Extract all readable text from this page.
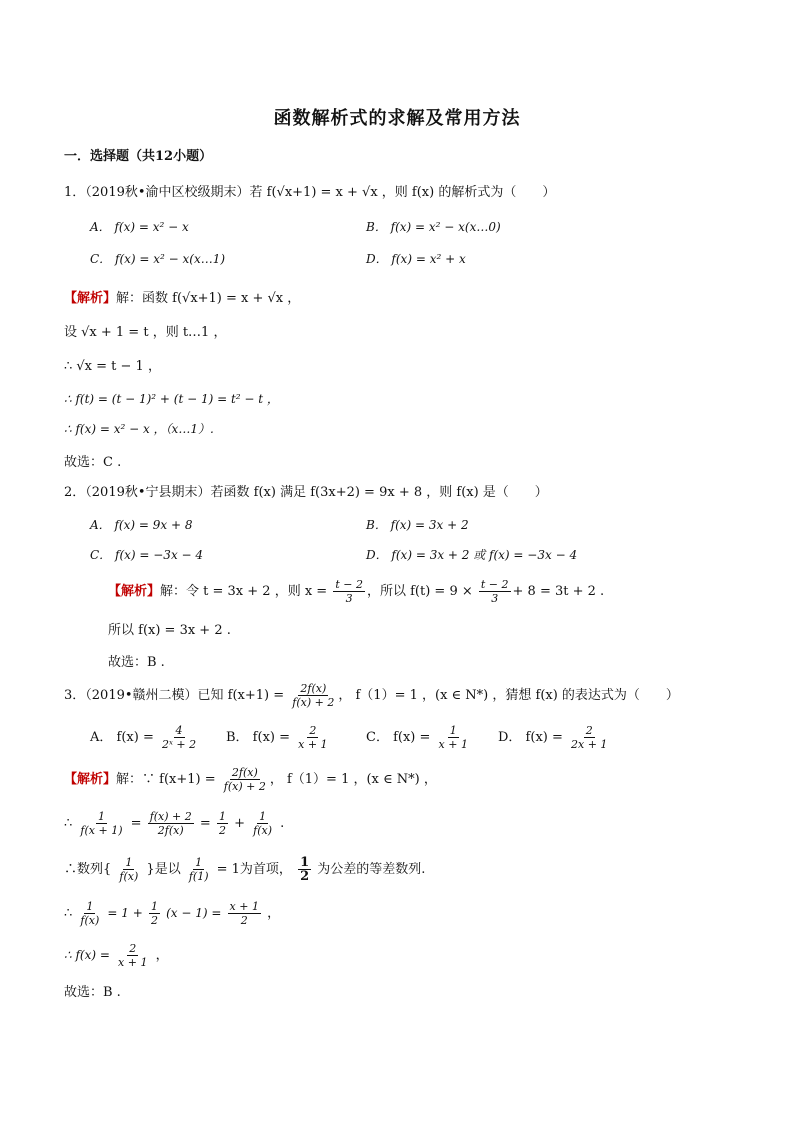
函数解析式的求解及常用方法
一．选择题（共12小题）
1．（2019秋•渝中区校级期末）若 f(√x+1) = x + √x ，则 f(x) 的解析式为（　　）
A． f(x) = x² − x	B． f(x) = x² − x(x…0)
C． f(x) = x² − x(x…1)	D． f(x) = x² + x
【解析】解：函数 f(√x+1) = x + √x ，
设 √x + 1 = t ，则 t…1 ，
∴ √x = t − 1 ，
∴ f(t) = (t − 1)² + (t − 1) = t² − t ，
∴ f(x) = x² − x ，（x…1）.
故选：C .
2．（2019秋•宁县期末）若函数 f(x) 满足 f(3x+2) = 9x + 8 ，则 f(x) 是（　　）
A． f(x) = 9x + 8	B． f(x) = 3x + 2
C． f(x) = −3x − 4	D． f(x) = 3x + 2 或 f(x) = −3x − 4
【解析】解：令 t = 3x + 2 ，则 $x = \frac{t - 2}{3}$ ，所以 $f(t) = 9 \times \frac{t - 2}{3} + 8 = 3t + 2$ .
所以 f(x) = 3x + 2 .
故选：B .
3．（2019•赣州二模）已知 $f(x+1) = \frac{2f(x)}{f(x) + 2}$ ， f（1）= 1 ，(x ∈ N*) ，猜想 f(x) 的表达式为（　　）
A． $f(x) = \frac{4}{\text{2ˣ + 2}}$ B． $f(x) = \frac{2}{x + 1}$	C． $f(x) = \frac{1}{x + 1}$ D． $f(x) = \frac{2}{2x + 1}$
【解析】解：∵ $f(x+1) = \frac{2f(x)}{f(x) + 2}$ ， f（1）= 1 ，(x ∈ N*) ，
∴ $\frac{1}{f(x + 1)} = \frac{f(x) + 2}{2f(x)} = \frac{1}{2} + \frac{1}{f(x)}$ .
∴数列{ $\frac{1}{f(x)}$ }是以 $\frac{1}{f(1)} = 1$为首项， $\frac{1}{2}$ 为公差的等差数列.
∴ $\frac{1}{f(x)} = 1 + \frac{1}{2} (x - 1) = \frac{x + 1}{2}$ ，
∴ $f(x) = \frac{2}{x + 1}$ ，
故选：B .
